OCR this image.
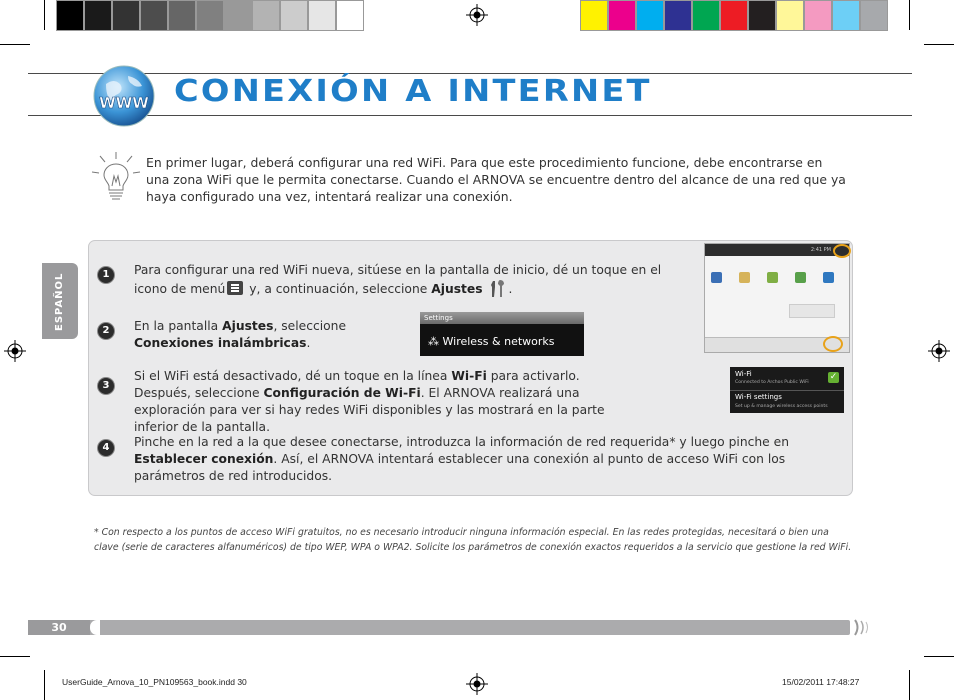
WWW CONEXIÓN A INTERNET
En primer lugar, deberá configurar una red WiFi. Para que este procedimiento funcione, debe encontrarse en una zona WiFi que le permita conectarse. Cuando el ARNOVA se encuentre dentro del alcance de una red que ya haya configurado una vez, intentará realizar una conexión.
ESPAÑOL	1	Para configurar una red WiFi nueva, sitúese en la pantalla de inicio, dé un toque en el icono de menú y, a continuación, seleccione Ajustes .
2	En la pantalla Ajustes, seleccione Conexiones inalámbricas.
3
Si el WiFi está desactivado, dé un toque en la línea Wi-Fi para activarlo. Después, seleccione Configuración de Wi-Fi. El ARNOVA realizará una exploración para ver si hay redes WiFi disponibles y las mostrará en la parte inferior de la pantalla.
4	Pinche en la red a la que desee conectarse, introduzca la información de red requerida* y luego pinche en Establecer conexión. Así, el ARNOVA intentará establecer una conexión al punto de acceso WiFi con los parámetros de red introducidos.
2:41 PM
Settings
⁂ Wireless & networks
Wi-Fi
Connected to Archos Public WiFi
✓
Wi-Fi settings
Set up & manage wireless access points
* Con respecto a los puntos de acceso WiFi gratuitos, no es necesario introducir ninguna información especial. En las redes protegidas, necesitará o bien una clave (serie de caracteres alfanuméricos) de tipo WEP, WPA o WPA2. Solicite los parámetros de conexión exactos requeridos a la servicio que gestione la red WiFi.
30
UserGuide_Arnova_10_PN109563_book.indd 30	15/02/2011 17:48:27
